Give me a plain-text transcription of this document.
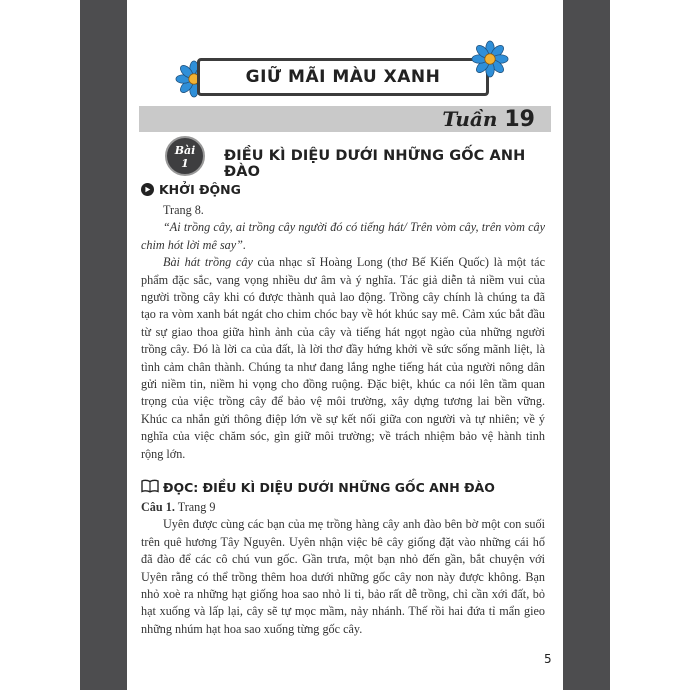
GIỮ MÃI MÀU XANH
Tuần 19
Bài
1	ĐIỀU KÌ DIỆU DƯỚI NHỮNG GỐC ANH ĐÀO
KHỞI ĐỘNG

Trang 8.

“Ai trồng cây, ai trồng cây người đó có tiếng hát/ Trên vòm cây, trên vòm cây chim hót lời mê say”.

Bài hát trồng cây của nhạc sĩ Hoàng Long (thơ Bế Kiến Quốc) là một tác phẩm đặc sắc, vang vọng nhiều dư âm và ý nghĩa. Tác giả diễn tả niềm vui của người trồng cây khi có được thành quả lao động. Trồng cây chính là chúng ta đã tạo ra vòm xanh bát ngát cho chim chóc bay về hót khúc say mê. Cảm xúc bắt đầu từ sự giao thoa giữa hình ảnh của cây và tiếng hát ngọt ngào của những người trồng cây. Đó là lời ca của đất, là lời thơ đầy hứng khởi về sức sống mãnh liệt, là tình cảm chân thành. Chúng ta như đang lắng nghe tiếng hát của người nông dân gửi niềm tin, niềm hi vọng cho đồng ruộng. Đặc biệt, khúc ca nói lên tầm quan trọng của việc trồng cây để bảo vệ môi trường, xây dựng tương lai bền vững. Khúc ca nhắn gửi thông điệp lớn về sự kết nối giữa con người và tự nhiên; về ý nghĩa của việc chăm sóc, gìn giữ môi trường; về trách nhiệm bảo vệ hành tinh rộng lớn.

ĐỌC: ĐIỀU KÌ DIỆU DƯỚI NHỮNG GỐC ANH ĐÀO

Câu 1. Trang 9

Uyên được cùng các bạn của mẹ trồng hàng cây anh đào bên bờ một con suối trên quê hương Tây Nguyên. Uyên nhận việc bê cây giống đặt vào những cái hố đã đào để các cô chú vun gốc. Gần trưa, một bạn nhỏ đến gần, bắt chuyện với Uyên rằng có thể trồng thêm hoa dưới những gốc cây non này được không. Bạn nhỏ xoè ra những hạt giống hoa sao nhỏ li ti, bảo rất dễ trồng, chỉ cần xới đất, bỏ hạt xuống và lấp lại, cây sẽ tự mọc mầm, nảy nhánh. Thế rồi hai đứa tỉ mẩn gieo những nhúm hạt hoa sao xuống từng gốc cây.

5
